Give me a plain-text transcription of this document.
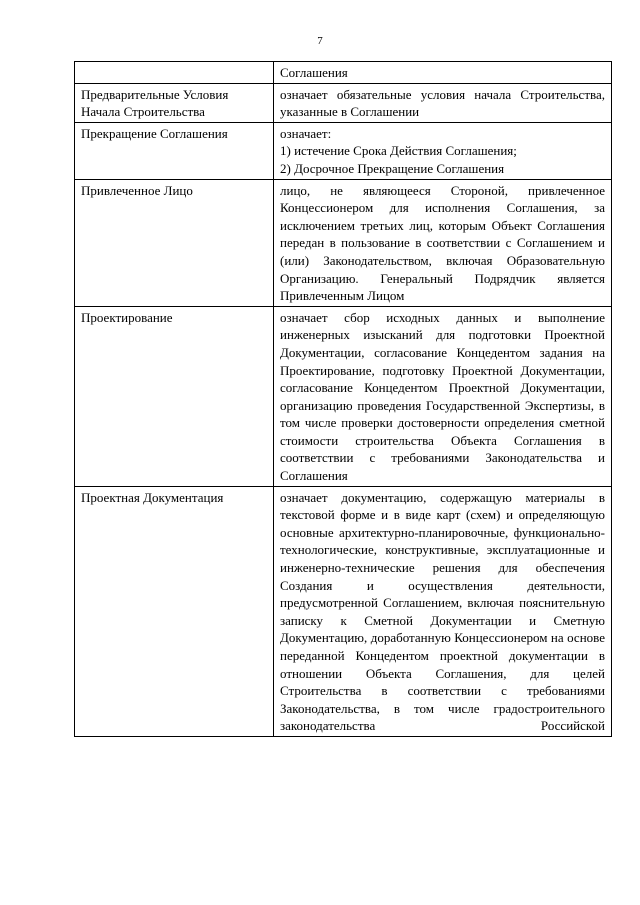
7

	Соглашения

Предварительные Условия Начала Строительства	означает обязательные условия начала Строительства, указанные в Соглашении

Прекращение Соглашения	означает:

1) истечение Срока Действия Соглашения;

2) Досрочное Прекращение Соглашения

Привлеченное Лицо	лицо, не являющееся Стороной, привлеченное Концессионером для исполнения Соглашения, за исключением третьих лиц, которым Объект Соглашения передан в пользование в соответствии с Соглашением и (или) Законодательством, включая Образовательную Организацию. Генеральный Подрядчик является Привлеченным Лицом

Проектирование	означает сбор исходных данных и выполнение инженерных изысканий для подготовки Проектной Документации, согласование Концедентом задания на Проектирование, подготовку Проектной Документации, согласование Концедентом Проектной Документации, организацию проведения Государственной Экспертизы, в том числе проверки достоверности определения сметной стоимости строительства Объекта Соглашения в соответствии с требованиями Законодательства и Соглашения

Проектная Документация	означает документацию, содержащую материалы в текстовой форме и в виде карт (схем) и определяющую основные архитектурно-планировочные, функционально-технологические, конструктивные, эксплуатационные и инженерно-технические решения для обеспечения Создания и осуществления деятельности, предусмотренной Соглашением, включая пояснительную записку к Сметной Документации и Сметную Документацию, доработанную Концессионером на основе переданной Концедентом проектной документации в отношении Объекта Соглашения, для целей Строительства в соответствии с требованиями Законодательства, в том числе градостроительного законодательства Российской
